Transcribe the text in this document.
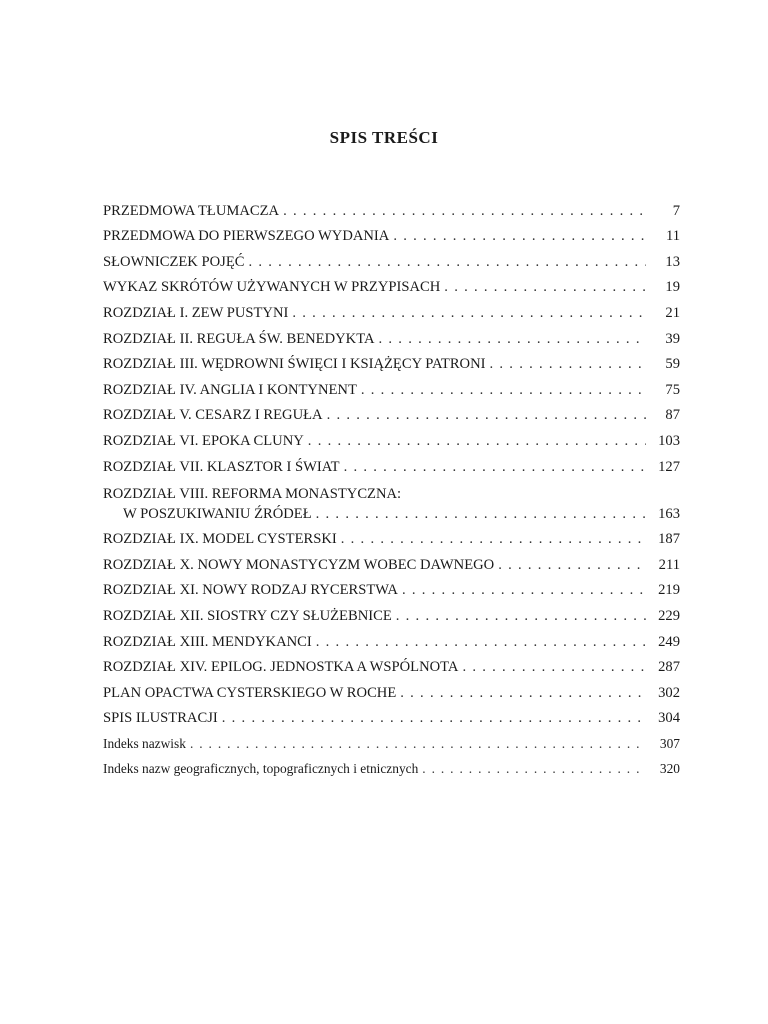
SPIS TREŚCI
PRZEDMOWA TŁUMACZA . . .	7
PRZEDMOWA DO PIERWSZEGO WYDANIA . . .	11
SŁOWNICZEK POJĘĆ . . .	13
WYKAZ SKRÓTÓW UŻYWANYCH W PRZYPISACH . . .	19
ROZDZIAŁ I. ZEW PUSTYNI . . .	21
ROZDZIAŁ II. REGUŁA ŚW. BENEDYKTA . . .	39
ROZDZIAŁ III. WĘDROWNI ŚWIĘCI I KSIĄŻĘCY PATRONI . . .	59
ROZDZIAŁ IV. ANGLIA I KONTYNENT . . .	75
ROZDZIAŁ V. CESARZ I REGUŁA . . .	87
ROZDZIAŁ VI. EPOKA CLUNY . . .	103
ROZDZIAŁ VII. KLASZTOR I ŚWIAT . . .	127
ROZDZIAŁ VIII. REFORMA MONASTYCZNA:
W POSZUKIWANIU ŹRÓDEŁ . . .	163
ROZDZIAŁ IX. MODEL CYSTERSKI . . .	187
ROZDZIAŁ X. NOWY MONASTYCYZM WOBEC DAWNEGO . . .	211
ROZDZIAŁ XI. NOWY RODZAJ RYCERSTWA . . .	219
ROZDZIAŁ XII. SIOSTRY CZY SŁUŻEBNICE . . .	229
ROZDZIAŁ XIII. MENDYKANCI . . .	249
ROZDZIAŁ XIV. EPILOG. JEDNOSTKA A WSPÓLNOTA . . .	287
PLAN OPACTWA CYSTERSKIEGO W ROCHE . . .	302
SPIS ILUSTRACJI . . .	304
Indeks nazwisk . . .	307
Indeks nazw geograficznych, topograficznych i etnicznych . . .	320
